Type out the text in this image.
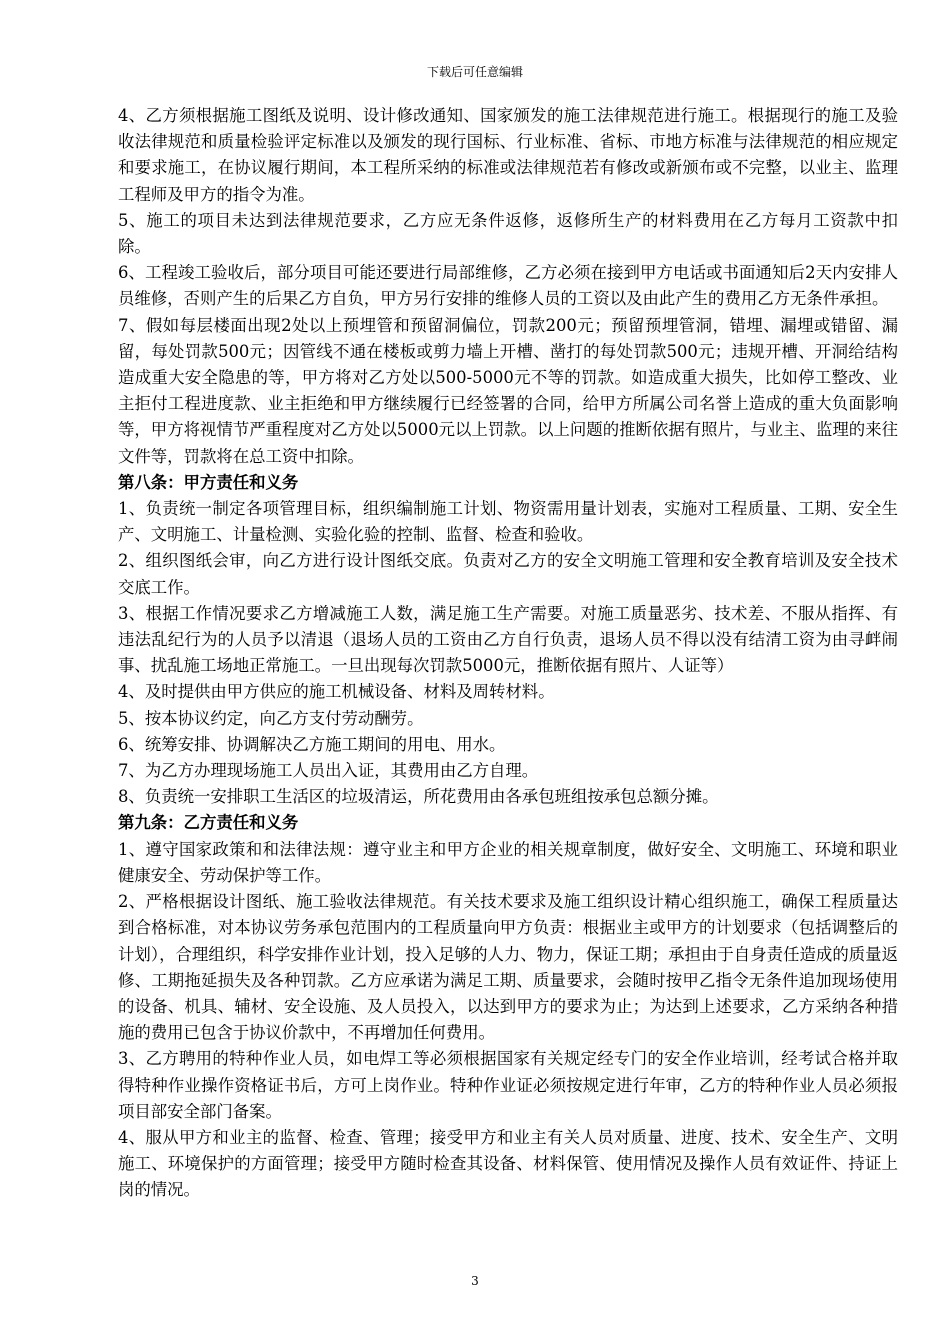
下载后可任意编辑

4、乙方须根据施工图纸及说明、设计修改通知、国家颁发的施工法律规范进行施工。根据现行的施工及验收法律规范和质量检验评定标准以及颁发的现行国标、行业标准、省标、市地方标准与法律规范的相应规定和要求施工，在协议履行期间，本工程所采纳的标准或法律规范若有修改或新颁布或不完整，以业主、监理工程师及甲方的指令为准。

5、施工的项目未达到法律规范要求，乙方应无条件返修，返修所生产的材料费用在乙方每月工资款中扣除。

6、工程竣工验收后，部分项目可能还要进行局部维修，乙方必须在接到甲方电话或书面通知后2天内安排人员维修，否则产生的后果乙方自负，甲方另行安排的维修人员的工资以及由此产生的费用乙方无条件承担。

7、假如每层楼面出现2处以上预埋管和预留洞偏位，罚款200元；预留预埋管洞，错埋、漏埋或错留、漏留，每处罚款500元；因管线不通在楼板或剪力墙上开槽、凿打的每处罚款500元；违规开槽、开洞给结构造成重大安全隐患的等，甲方将对乙方处以500-5000元不等的罚款。如造成重大损失，比如停工整改、业主拒付工程进度款、业主拒绝和甲方继续履行已经签署的合同，给甲方所属公司名誉上造成的重大负面影响等，甲方将视情节严重程度对乙方处以5000元以上罚款。以上问题的推断依据有照片，与业主、监理的来往文件等，罚款将在总工资中扣除。

第八条：甲方责任和义务

1、负责统一制定各项管理目标，组织编制施工计划、物资需用量计划表，实施对工程质量、工期、安全生产、文明施工、计量检测、实验化验的控制、监督、检查和验收。

2、组织图纸会审，向乙方进行设计图纸交底。负责对乙方的安全文明施工管理和安全教育培训及安全技术交底工作。

3、根据工作情况要求乙方增减施工人数，满足施工生产需要。对施工质量恶劣、技术差、不服从指挥、有违法乱纪行为的人员予以清退（退场人员的工资由乙方自行负责，退场人员不得以没有结清工资为由寻衅闹事、扰乱施工场地正常施工。一旦出现每次罚款5000元，推断依据有照片、人证等）

4、及时提供由甲方供应的施工机械设备、材料及周转材料。

5、按本协议约定，向乙方支付劳动酬劳。

6、统筹安排、协调解决乙方施工期间的用电、用水。

7、为乙方办理现场施工人员出入证，其费用由乙方自理。

8、负责统一安排职工生活区的垃圾清运，所花费用由各承包班组按承包总额分摊。

第九条：乙方责任和义务

1、遵守国家政策和和法律法规：遵守业主和甲方企业的相关规章制度，做好安全、文明施工、环境和职业健康安全、劳动保护等工作。

2、严格根据设计图纸、施工验收法律规范。有关技术要求及施工组织设计精心组织施工，确保工程质量达到合格标准，对本协议劳务承包范围内的工程质量向甲方负责：根据业主或甲方的计划要求（包括调整后的计划），合理组织，科学安排作业计划，投入足够的人力、物力，保证工期；承担由于自身责任造成的质量返修、工期拖延损失及各种罚款。乙方应承诺为满足工期、质量要求，会随时按甲乙指令无条件追加现场使用的设备、机具、辅材、安全设施、及人员投入，以达到甲方的要求为止；为达到上述要求，乙方采纳各种措施的费用已包含于协议价款中，不再增加任何费用。

3、乙方聘用的特种作业人员，如电焊工等必须根据国家有关规定经专门的安全作业培训，经考试合格并取得特种作业操作资格证书后，方可上岗作业。特种作业证必须按规定进行年审，乙方的特种作业人员必须报项目部安全部门备案。

4、服从甲方和业主的监督、检查、管理；接受甲方和业主有关人员对质量、进度、技术、安全生产、文明施工、环境保护的方面管理；接受甲方随时检查其设备、材料保管、使用情况及操作人员有效证件、持证上岗的情况。

3
